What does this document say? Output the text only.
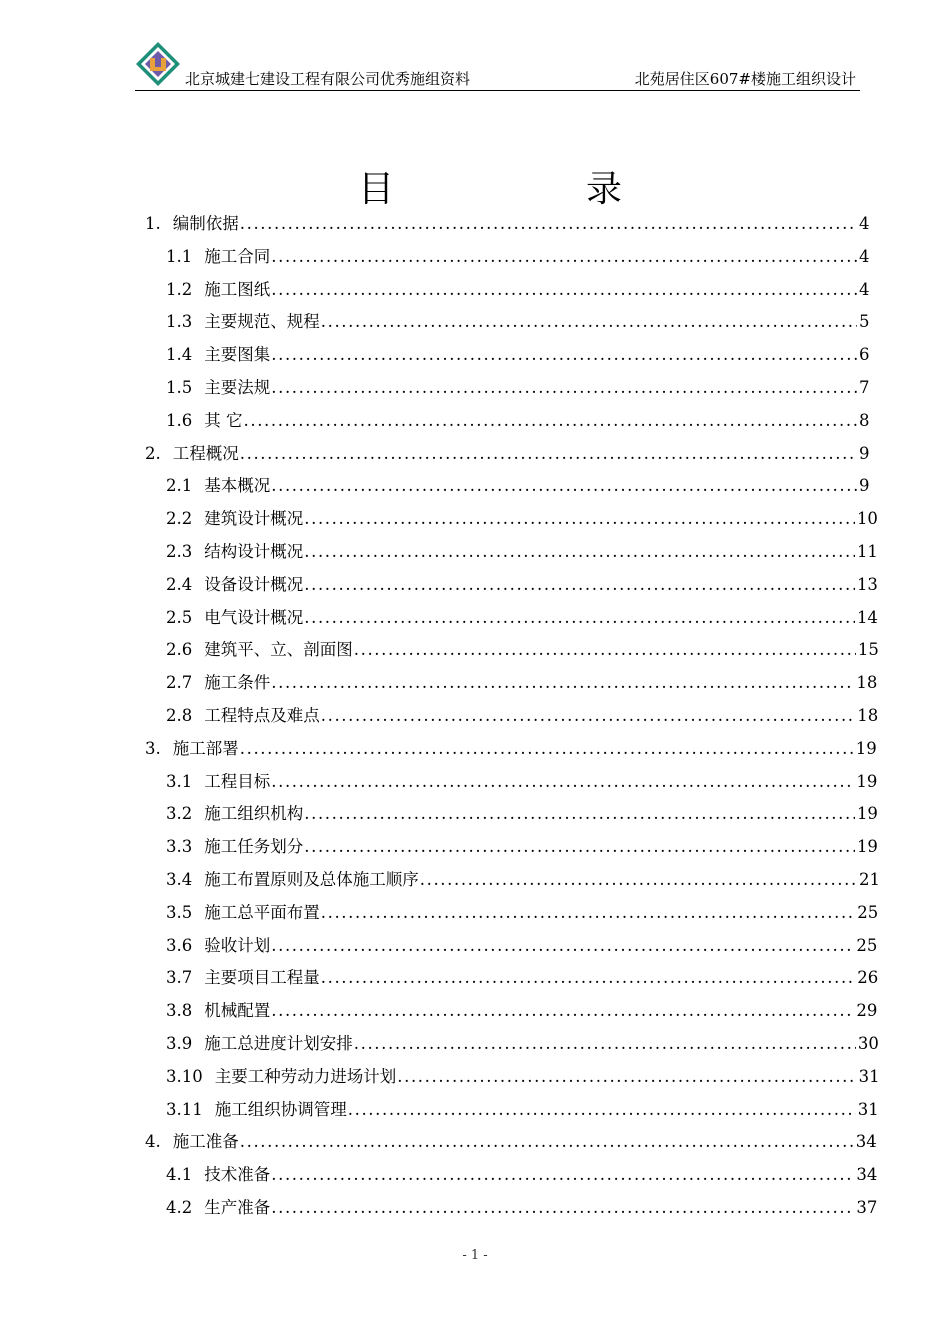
北京城建七建设工程有限公司优秀施组资料	北苑居住区607#楼施工组织设计
目	录
1. 编制依据 .....	4
1.1 施工合同 .....	4
1.2 施工图纸 .....	4
1.3 主要规范、规程 .....	5
1.4 主要图集 .....	6
1.5 主要法规 .....	7
1.6 其 它 .....	8
2. 工程概况 .....	9
2.1 基本概况 .....	9
2.2 建筑设计概况 .....	10
2.3 结构设计概况 .....	11
2.4 设备设计概况 .....	13
2.5 电气设计概况 .....	14
2.6 建筑平、立、剖面图 .....	15
2.7 施工条件 .....	18
2.8 工程特点及难点 .....	18
3. 施工部署 .....	19
3.1 工程目标 .....	19
3.2 施工组织机构 .....	19
3.3 施工任务划分 .....	19
3.4 施工布置原则及总体施工顺序 .....	21
3.5 施工总平面布置 .....	25
3.6 验收计划 .....	25
3.7 主要项目工程量 .....	26
3.8 机械配置 .....	29
3.9 施工总进度计划安排 .....	30
3.10 主要工种劳动力进场计划 .....	31
3.11 施工组织协调管理 .....	31
4. 施工准备 .....	34
4.1 技术准备 .....	34
4.2 生产准备 .....	37
- 1 -
